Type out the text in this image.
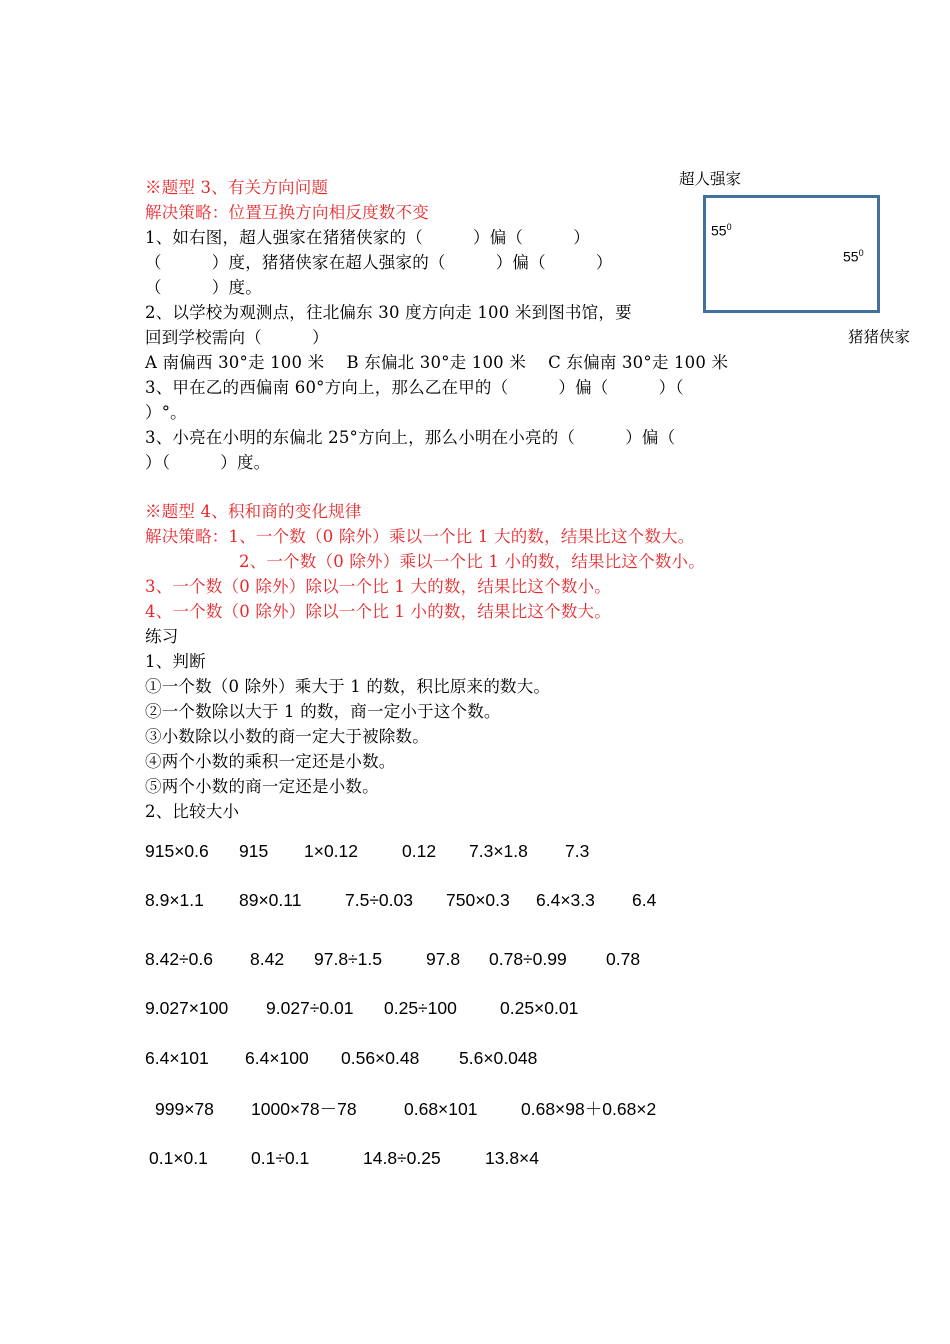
超人强家
$55^0$
$55^0$
猪猪侠家
※题型 3、有关方向问题
解决策略：位置互换方向相反度数不变
1、如右图，超人强家在猪猪侠家的（　　　）偏（　　　）
（　　　）度，猪猪侠家在超人强家的（　　　）偏（　　　）
（　　　）度。
2、以学校为观测点，往北偏东 30 度方向走 100 米到图书馆，要
回到学校需向（　　　）
A 南偏西 30°走 100 米　 B 东偏北 30°走 100 米　 C 东偏南 30°走 100 米
3、甲在乙的西偏南 60°方向上，那么乙在甲的（　　　）偏（　　　）（
）°。
3、小亮在小明的东偏北 25°方向上，那么小明在小亮的（　　　）偏（
）（　　　）度。
※题型 4、积和商的变化规律
解决策略：1、一个数（0 除外）乘以一个比 1 大的数，结果比这个数大。
2、一个数（0 除外）乘以一个比 1 小的数，结果比这个数小。
3、一个数（0 除外）除以一个比 1 大的数，结果比这个数小。
4、一个数（0 除外）除以一个比 1 小的数，结果比这个数大。
练习
1、判断
①一个数（0 除外）乘大于 1 的数，积比原来的数大。
②一个数除以大于 1 的数，商一定小于这个数。
③小数除以小数的商一定大于被除数。
④两个小数的乘积一定还是小数。
⑤两个小数的商一定还是小数。
2、比较大小
915×0.6 915 1×0.12	0.12 7.3×1.8 7.3
8.9×1.1 89×0.11 7.5÷0.03 750×0.3 6.4×3.3 6.4
8.42÷0.6 8.42 97.8÷1.5	97.8 0.78÷0.99 0.78
9.027×100 9.027÷0.01 0.25÷100 0.25×0.01
6.4×101 6.4×100 0.56×0.48 5.6×0.048
999×78 1000×78－78	0.68×101 0.68×98＋0.68×2
0.1×0.1 0.1÷0.1	14.8÷0.25	13.8×4
